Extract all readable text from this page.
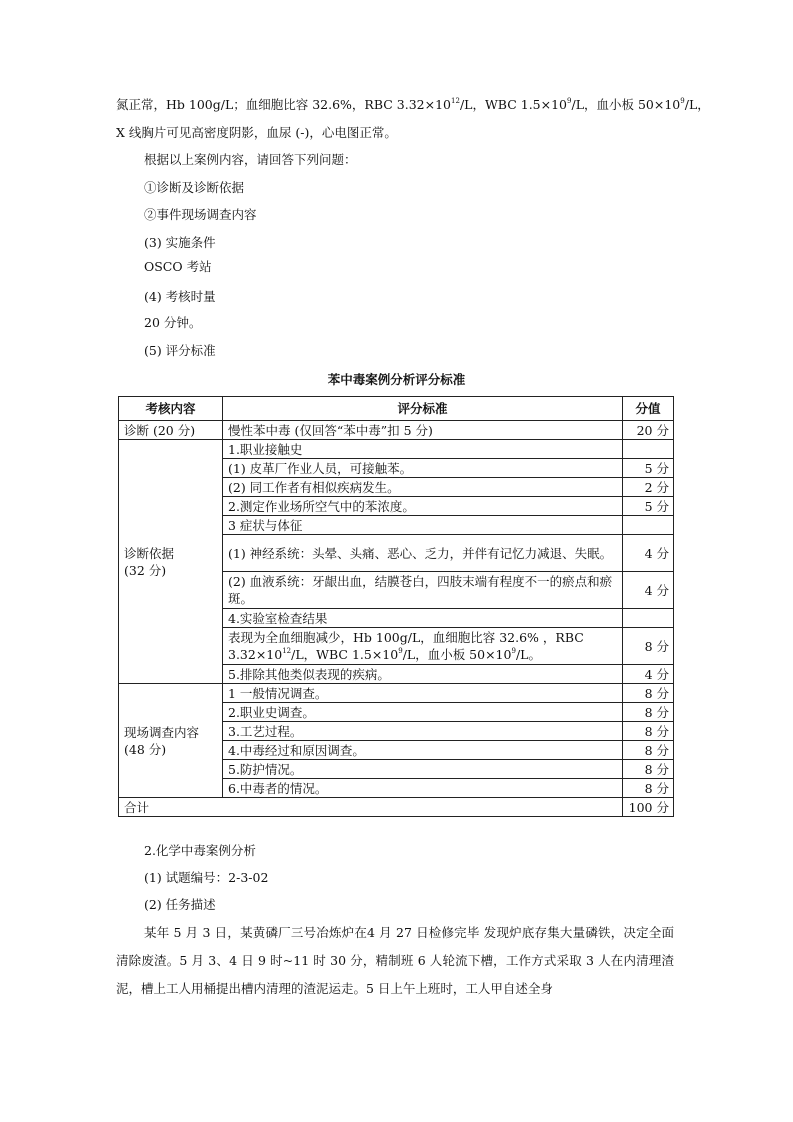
氮正常，Hb 100g/L；血细胞比容 32.6%，RBC $3.32\times 10^{12}/L$，WBC $1.5\times 10^9/L$，血小板 $50\times 10^9/L$，
X 线胸片可见高密度阴影，血尿 (-)，心电图正常。
根据以上案例内容，请回答下列问题：
①诊断及诊断依据
②事件现场调查内容
(3) 实施条件
OSCO 考站
(4) 考核时量
20 分钟。
(5) 评分标准
苯中毒案例分析评分标准
考核内容	评分标准	分值
诊断 (20 分)	慢性苯中毒 (仅回答“苯中毒”扣 5 分)	20 分
诊断依据
(32 分)	1.职业接触史	
	(1) 皮革厂作业人员，可接触苯。	5 分
	(2) 同工作者有相似疾病发生。	2 分
	2.测定作业场所空气中的苯浓度。	5 分
	3 症状与体征	
	(1) 神经系统：头晕、头痛、恶心、乏力，并伴有记忆力减退、失眠。	4 分
	(2) 血液系统：牙龈出血，结膜苍白，四肢末端有程度不一的瘀点和瘀斑。	4 分
	4.实验室检查结果	
	表现为全血细胞减少，Hb 100g/L，血细胞比容 32.6% ，RBC $3.32\times 10^{12}/L$，WBC $1.5\times 10^9/L$，血小板 $50\times 10^9/L$。	8 分
	5.排除其他类似表现的疾病。	4 分
现场调查内容
(48 分)	1 一般情况调查。	8 分
	2.职业史调查。	8 分
	3.工艺过程。	8 分
	4.中毒经过和原因调查。	8 分
	5.防护情况。	8 分
	6.中毒者的情况。	8 分
合计		100 分
2.化学中毒案例分析
(1) 试题编号：2-3-02
(2) 任务描述
某年 5 月 3 日，某黄磷厂三号冶炼炉在4 月 27 日检修完毕 发现炉底存集大量磷铁，决定全面清除废渣。5 月 3、4 日 9 时~11 时 30 分，精制班 6 人轮流下槽，工作方式采取 3 人在内清理渣泥，槽上工人用桶提出槽内清理的渣泥运走。5 日上午上班时，工人甲自述全身
